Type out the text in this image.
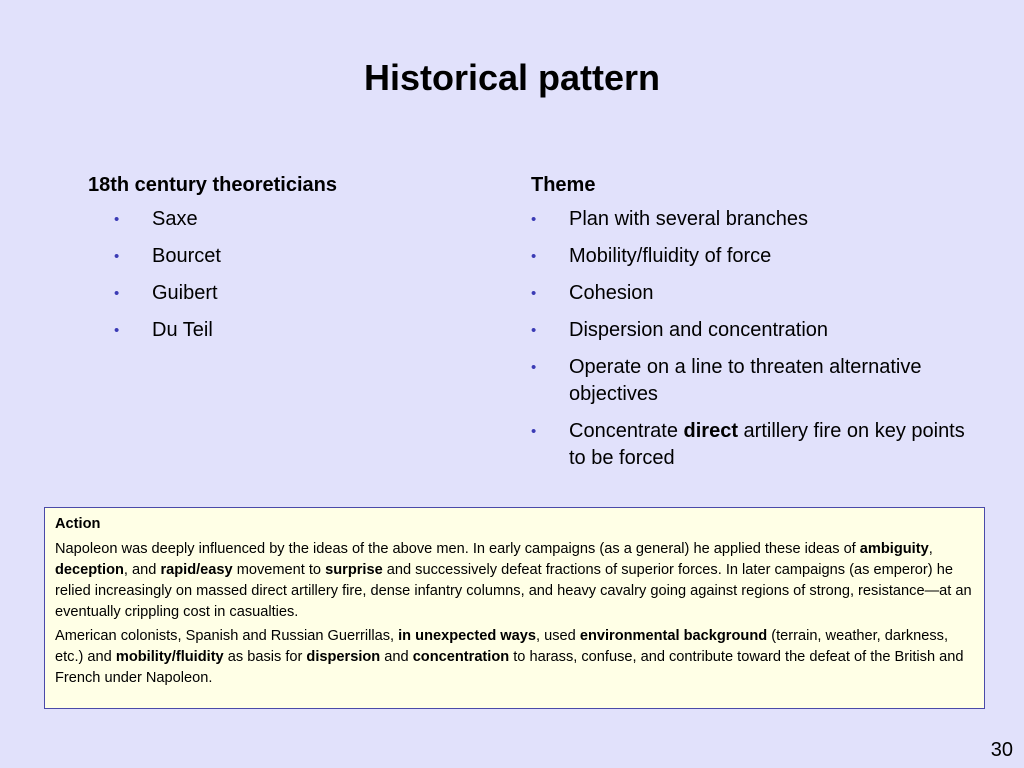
Historical pattern
18th century theoreticians
• Saxe
• Bourcet
• Guibert
• Du Teil
Theme
• Plan with several branches
• Mobility/fluidity of force
• Cohesion
• Dispersion and concentration
• Operate on a line to threaten alternative objectives
• Concentrate direct artillery fire on key points to be forced

Action

Napoleon was deeply influenced by the ideas of the above men. In early campaigns (as a general) he applied these ideas of ambiguity, deception, and rapid/easy movement to surprise and successively defeat fractions of superior forces. In later campaigns (as emperor) he relied increasingly on massed direct artillery fire, dense infantry columns, and heavy cavalry going against regions of strong, resistance—at an eventually crippling cost in casualties.

American colonists, Spanish and Russian Guerrillas, in unexpected ways, used environmental background (terrain, weather, darkness, etc.) and mobility/fluidity as basis for dispersion and concentration to harass, confuse, and contribute toward the defeat of the British and French under Napoleon.

30
